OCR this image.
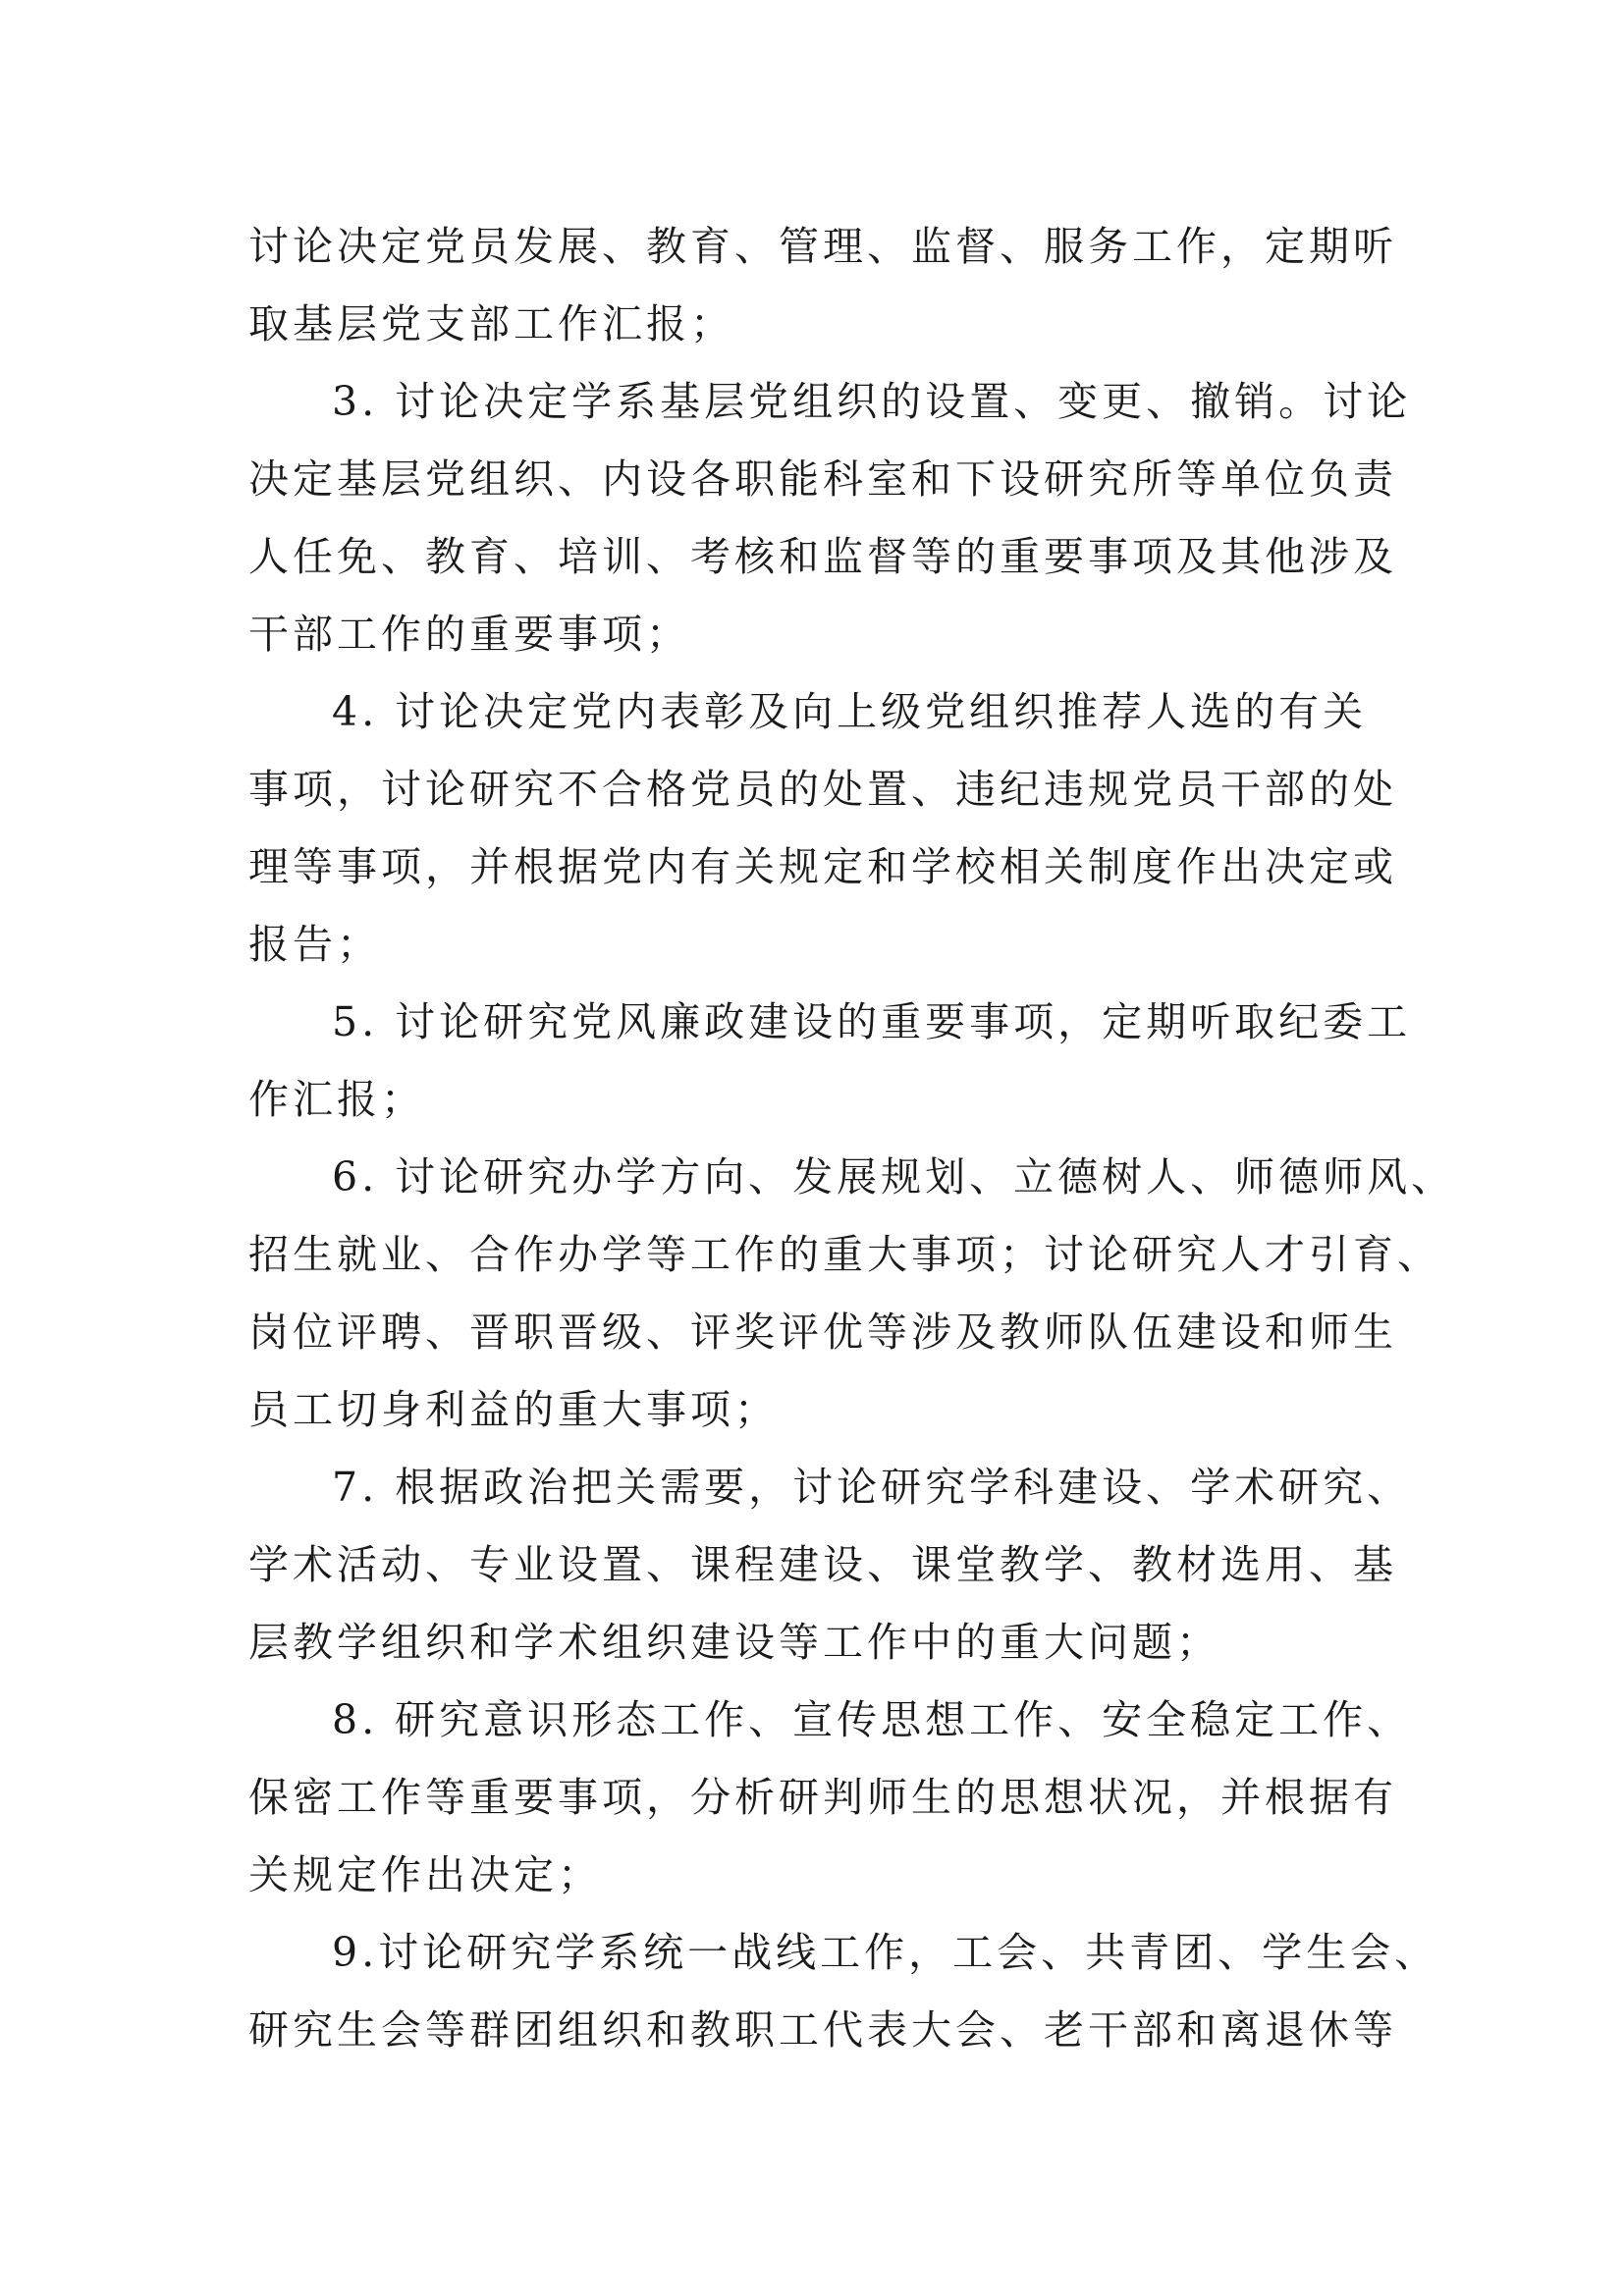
讨论决定党员发展、教育、管理、监督、服务工作，定期听
取基层党支部工作汇报；
3. 讨论决定学系基层党组织的设置、变更、撤销。讨论
决定基层党组织、内设各职能科室和下设研究所等单位负责
人任免、教育、培训、考核和监督等的重要事项及其他涉及
干部工作的重要事项；
4. 讨论决定党内表彰及向上级党组织推荐人选的有关
事项，讨论研究不合格党员的处置、违纪违规党员干部的处
理等事项，并根据党内有关规定和学校相关制度作出决定或
报告；
5. 讨论研究党风廉政建设的重要事项，定期听取纪委工
作汇报；
6. 讨论研究办学方向、发展规划、立德树人、师德师风、
招生就业、合作办学等工作的重大事项；讨论研究人才引育、
岗位评聘、晋职晋级、评奖评优等涉及教师队伍建设和师生
员工切身利益的重大事项；
7. 根据政治把关需要，讨论研究学科建设、学术研究、
学术活动、专业设置、课程建设、课堂教学、教材选用、基
层教学组织和学术组织建设等工作中的重大问题；
8. 研究意识形态工作、宣传思想工作、安全稳定工作、
保密工作等重要事项，分析研判师生的思想状况，并根据有
关规定作出决定；
9.讨论研究学系统一战线工作，工会、共青团、学生会、
研究生会等群团组织和教职工代表大会、老干部和离退休等
